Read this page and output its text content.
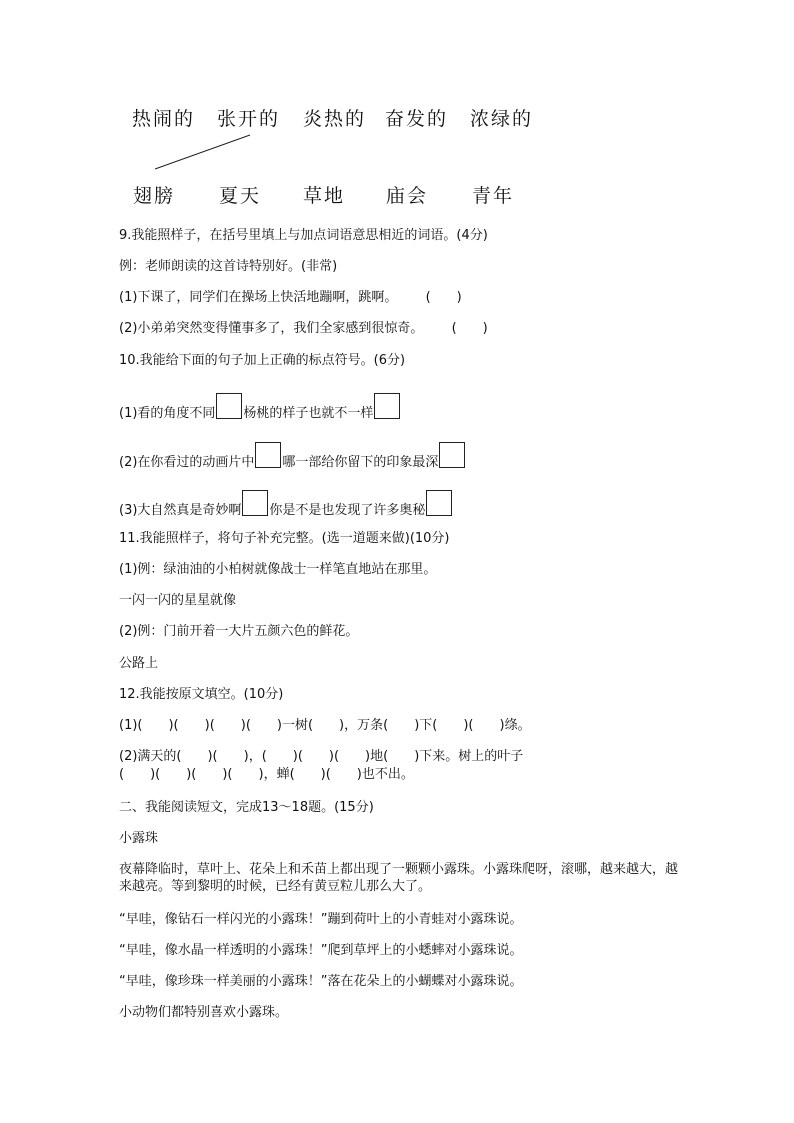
热闹的 张开的 炎热的 奋发的 浓绿的
翅膀 夏天 草地 庙会 青年
9.我能照样子，在括号里填上与加点词语意思相近的词语。(4分)
例：老师朗读的这首诗特别好。(非常)
(1)下课了，同学们在操场上快活地蹦啊，跳啊。 (　　)
(2)小弟弟突然变得懂事多了，我们全家感到很惊奇。 (　　)
10.我能给下面的句子加上正确的标点符号。(6分)
(1)看的角度不同 杨桃的样子也就不一样
(2)在你看过的动画片中 哪一部给你留下的印象最深
(3)大自然真是奇妙啊 你是不是也发现了许多奥秘
11.我能照样子，将句子补充完整。(选一道题来做)(10分)
(1)例：绿油油的小柏树就像战士一样笔直地站在那里。
一闪一闪的星星就像
(2)例：门前开着一大片五颜六色的鲜花。
公路上
12.我能按原文填空。(10分)
(1)(　　)(　　)(　　)(　　)一树(　　)，万条(　　)下(　　)(　　)绦。
(2)满天的(　　)(　　)，(　　)(　　)(　　)地(　　)下来。树上的叶子
(　　)(　　)(　　)(　　)，蝉(　　)(　　)也不出。
二、我能阅读短文，完成13～18题。(15分)
小露珠
夜幕降临时，草叶上、花朵上和禾苗上都出现了一颗颗小露珠。小露珠爬呀，滚哪，越来越大，越来越亮。等到黎明的时候，已经有黄豆粒儿那么大了。
“早哇，像钻石一样闪光的小露珠！”蹦到荷叶上的小青蛙对小露珠说。
“早哇，像水晶一样透明的小露珠！”爬到草坪上的小蟋蟀对小露珠说。
“早哇，像珍珠一样美丽的小露珠！”落在花朵上的小蝴蝶对小露珠说。
小动物们都特别喜欢小露珠。
